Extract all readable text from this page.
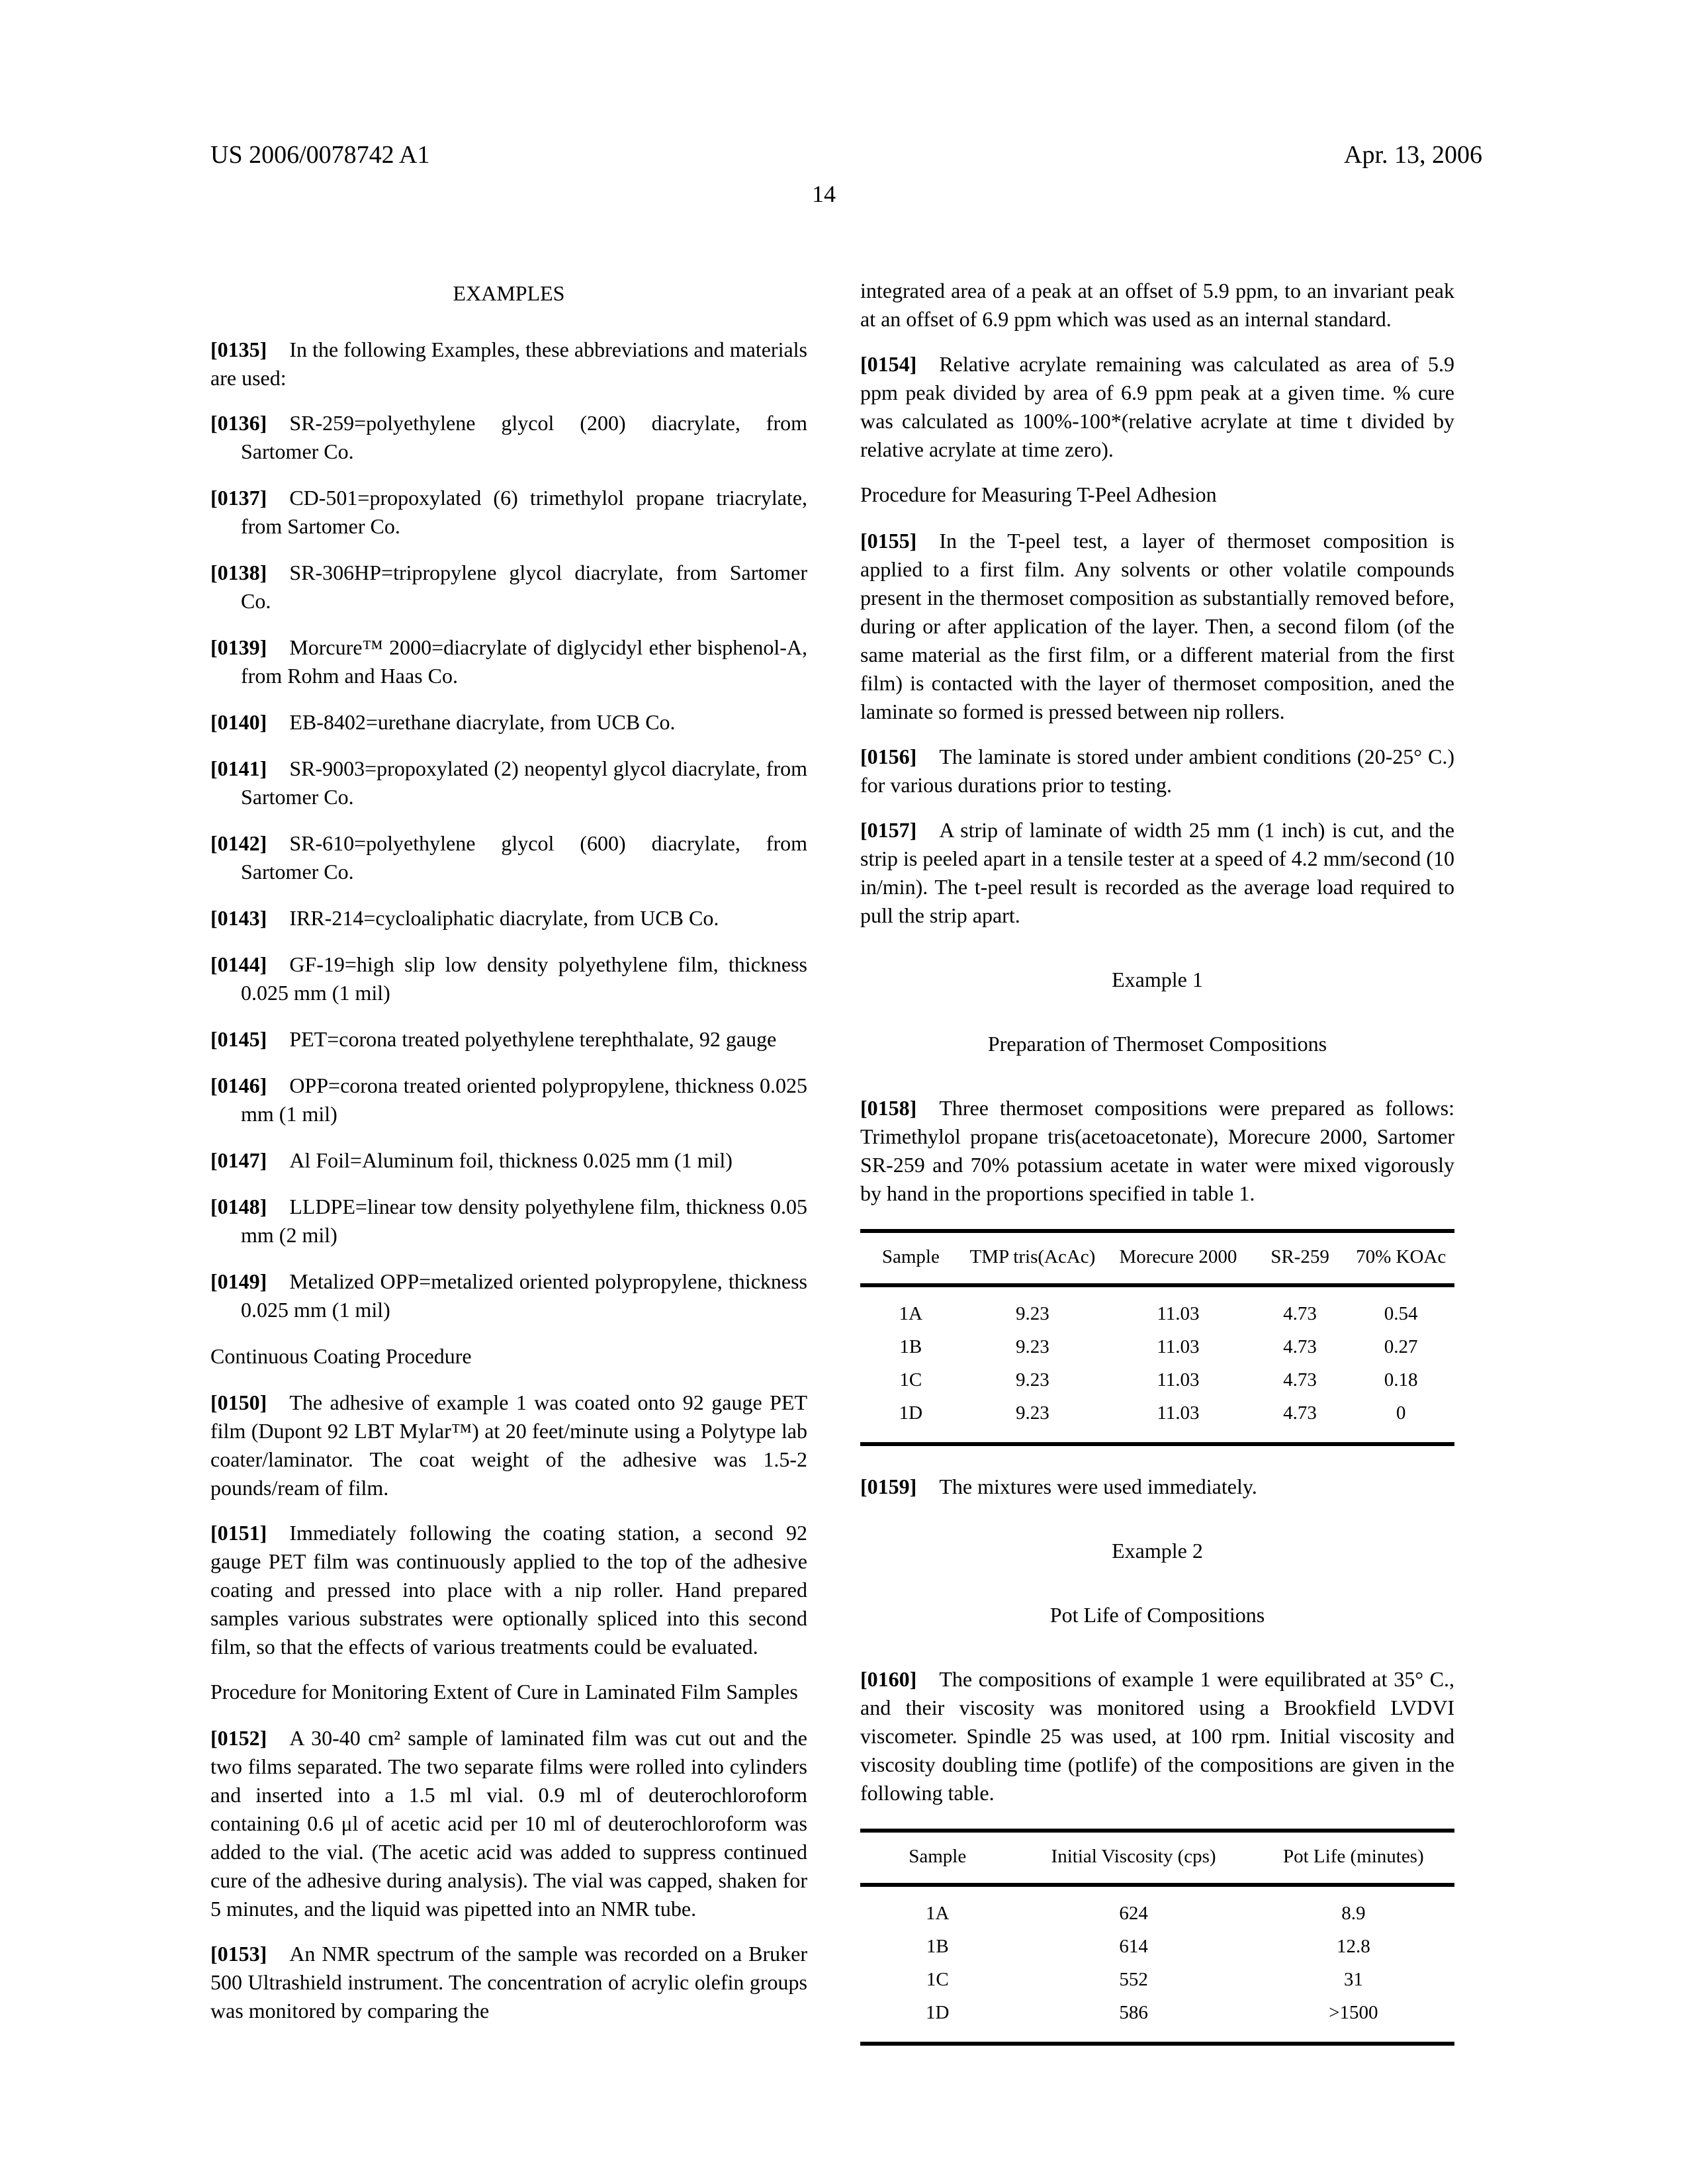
US 2006/0078742 A1	Apr. 13, 2006
14
EXAMPLES

[0135] In the following Examples, these abbreviations and materials are used:

[0136] SR-259=polyethylene glycol (200) diacrylate, from Sartomer Co.

[0137] CD-501=propoxylated (6) trimethylol propane triacrylate, from Sartomer Co.

[0138] SR-306HP=tripropylene glycol diacrylate, from Sartomer Co.

[0139] Morcure™ 2000=diacrylate of diglycidyl ether bisphenol-A, from Rohm and Haas Co.

[0140] EB-8402=urethane diacrylate, from UCB Co.

[0141] SR-9003=propoxylated (2) neopentyl glycol diacrylate, from Sartomer Co.

[0142] SR-610=polyethylene glycol (600) diacrylate, from Sartomer Co.

[0143] IRR-214=cycloaliphatic diacrylate, from UCB Co.

[0144] GF-19=high slip low density polyethylene film, thickness 0.025 mm (1 mil)

[0145] PET=corona treated polyethylene terephthalate, 92 gauge

[0146] OPP=corona treated oriented polypropylene, thickness 0.025 mm (1 mil)

[0147] Al Foil=Aluminum foil, thickness 0.025 mm (1 mil)

[0148] LLDPE=linear tow density polyethylene film, thickness 0.05 mm (2 mil)

[0149] Metalized OPP=metalized oriented polypropylene, thickness 0.025 mm (1 mil)

Continuous Coating Procedure

[0150] The adhesive of example 1 was coated onto 92 gauge PET film (Dupont 92 LBT Mylar™) at 20 feet/minute using a Polytype lab coater/laminator. The coat weight of the adhesive was 1.5-2 pounds/ream of film.

[0151] Immediately following the coating station, a second 92 gauge PET film was continuously applied to the top of the adhesive coating and pressed into place with a nip roller. Hand prepared samples various substrates were optionally spliced into this second film, so that the effects of various treatments could be evaluated.

Procedure for Monitoring Extent of Cure in Laminated Film Samples

[0152] A 30-40 cm² sample of laminated film was cut out and the two films separated. The two separate films were rolled into cylinders and inserted into a 1.5 ml vial. 0.9 ml of deuterochloroform containing 0.6 μl of acetic acid per 10 ml of deuterochloroform was added to the vial. (The acetic acid was added to suppress continued cure of the adhesive during analysis). The vial was capped, shaken for 5 minutes, and the liquid was pipetted into an NMR tube.

[0153] An NMR spectrum of the sample was recorded on a Bruker 500 Ultrashield instrument. The concentration of acrylic olefin groups was monitored by comparing the

integrated area of a peak at an offset of 5.9 ppm, to an invariant peak at an offset of 6.9 ppm which was used as an internal standard.

[0154] Relative acrylate remaining was calculated as area of 5.9 ppm peak divided by area of 6.9 ppm peak at a given time. % cure was calculated as 100%-100*(relative acrylate at time t divided by relative acrylate at time zero).

Procedure for Measuring T-Peel Adhesion

[0155] In the T-peel test, a layer of thermoset composition is applied to a first film. Any solvents or other volatile compounds present in the thermoset composition as substantially removed before, during or after application of the layer. Then, a second filom (of the same material as the first film, or a different material from the first film) is contacted with the layer of thermoset composition, aned the laminate so formed is pressed between nip rollers.

[0156] The laminate is stored under ambient conditions (20-25° C.) for various durations prior to testing.

[0157] A strip of laminate of width 25 mm (1 inch) is cut, and the strip is peeled apart in a tensile tester at a speed of 4.2 mm/second (10 in/min). The t-peel result is recorded as the average load required to pull the strip apart.

Example 1
Preparation of Thermoset Compositions

[0158] Three thermoset compositions were prepared as follows: Trimethylol propane tris(acetoacetonate), Morecure 2000, Sartomer SR-259 and 70% potassium acetate in water were mixed vigorously by hand in the proportions specified in table 1.

Sample	TMP tris(AcAc)	Morecure 2000	SR-259	70% KOAc
1A	9.23	11.03	4.73	0.54
1B	9.23	11.03	4.73	0.27
1C	9.23	11.03	4.73	0.18
1D	9.23	11.03	4.73	0

[0159] The mixtures were used immediately.

Example 2
Pot Life of Compositions

[0160] The compositions of example 1 were equilibrated at 35° C., and their viscosity was monitored using a Brookfield LVDVI viscometer. Spindle 25 was used, at 100 rpm. Initial viscosity and viscosity doubling time (potlife) of the compositions are given in the following table.

Sample	Initial Viscosity (cps)	Pot Life (minutes)
1A	624	8.9
1B	614	12.8
1C	552	31
1D	586	>1500
